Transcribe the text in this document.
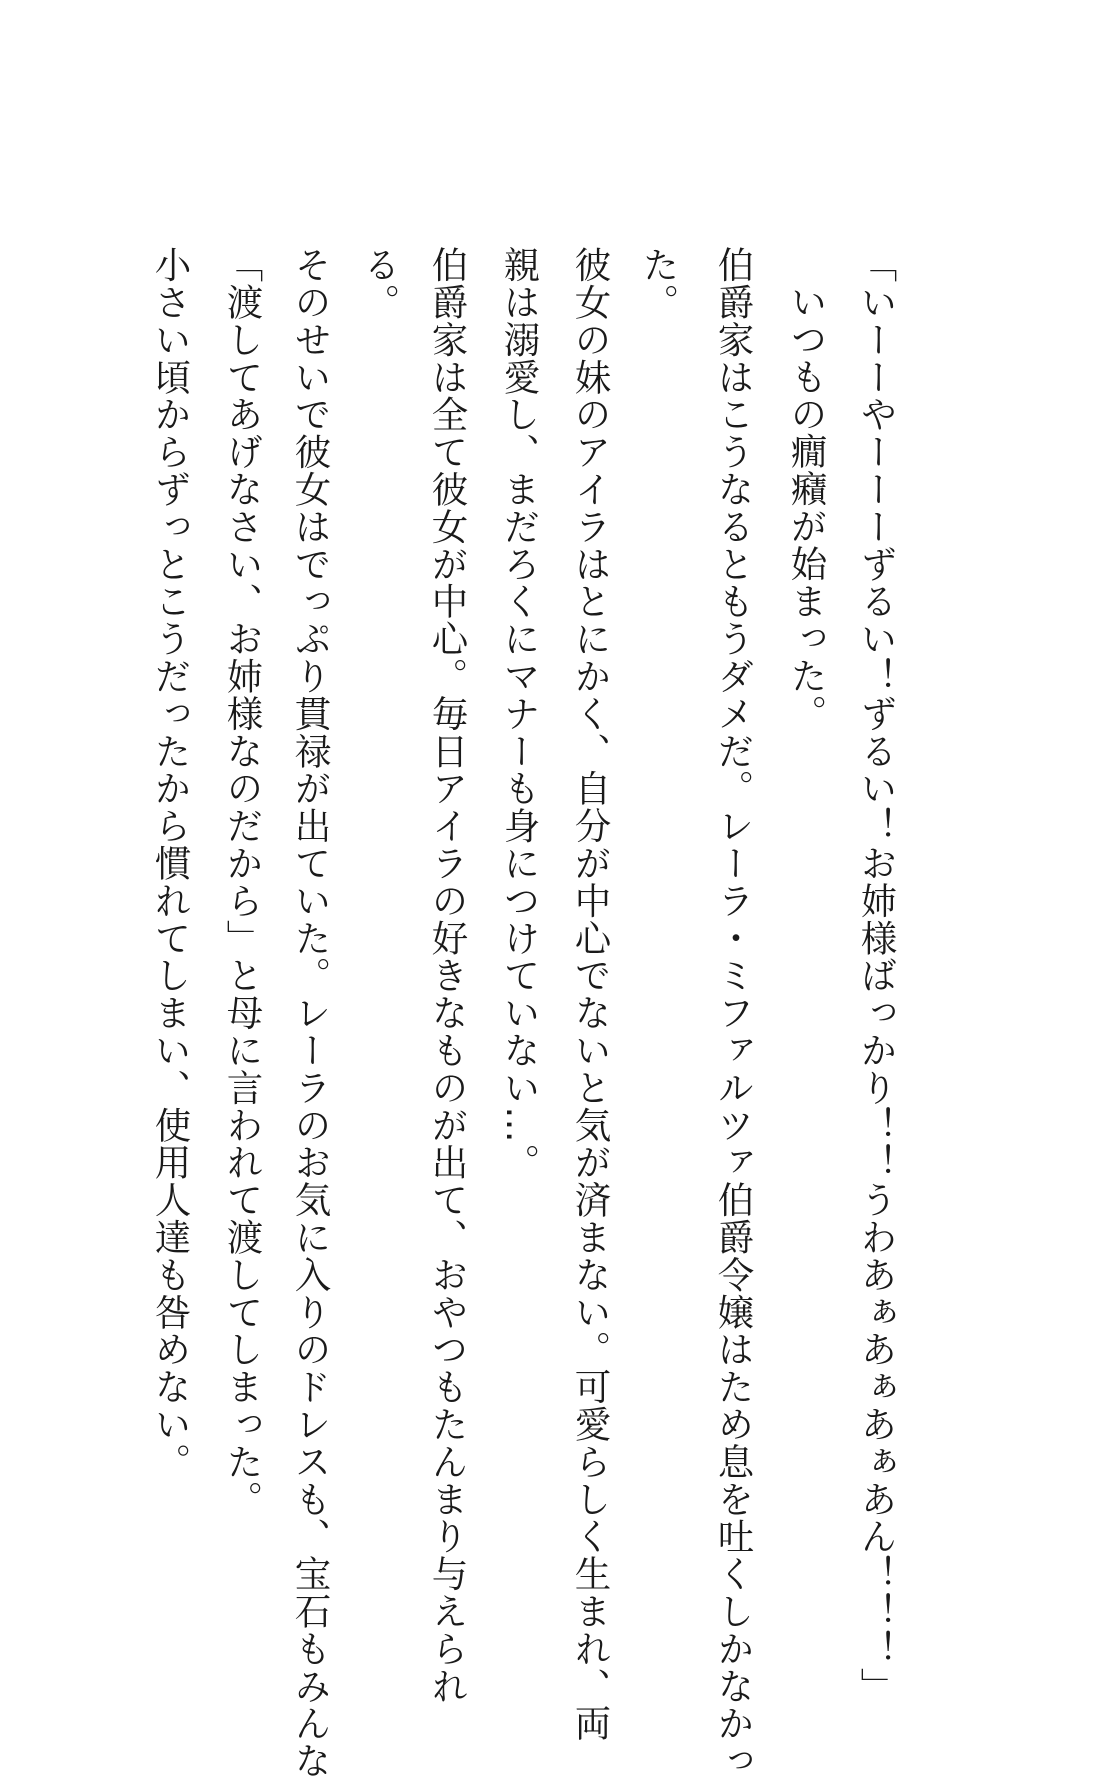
「いーーやーーーずるい！ずるい！お姉様ばっかり！！うわあぁあぁあぁあん！！！」

いつもの癇癪が始まった。

伯爵家はこうなるともうダメだ。レーラ・ミファルツァ伯爵令嬢はため息を吐くしかなかっ

た。

彼女の妹のアイラはとにかく、自分が中心でないと気が済まない。可愛らしく生まれ、両

親は溺愛し、まだろくにマナーも身につけていない…。

伯爵家は全て彼女が中心。毎日アイラの好きなものが出て、おやつもたんまり与えられ

る。

そのせいで彼女はでっぷり貫禄が出ていた。レーラのお気に入りのドレスも、宝石もみんな

「渡してあげなさい、お姉様なのだから」と母に言われて渡してしまった。

小さい頃からずっとこうだったから慣れてしまい、使用人達も咎めない。
